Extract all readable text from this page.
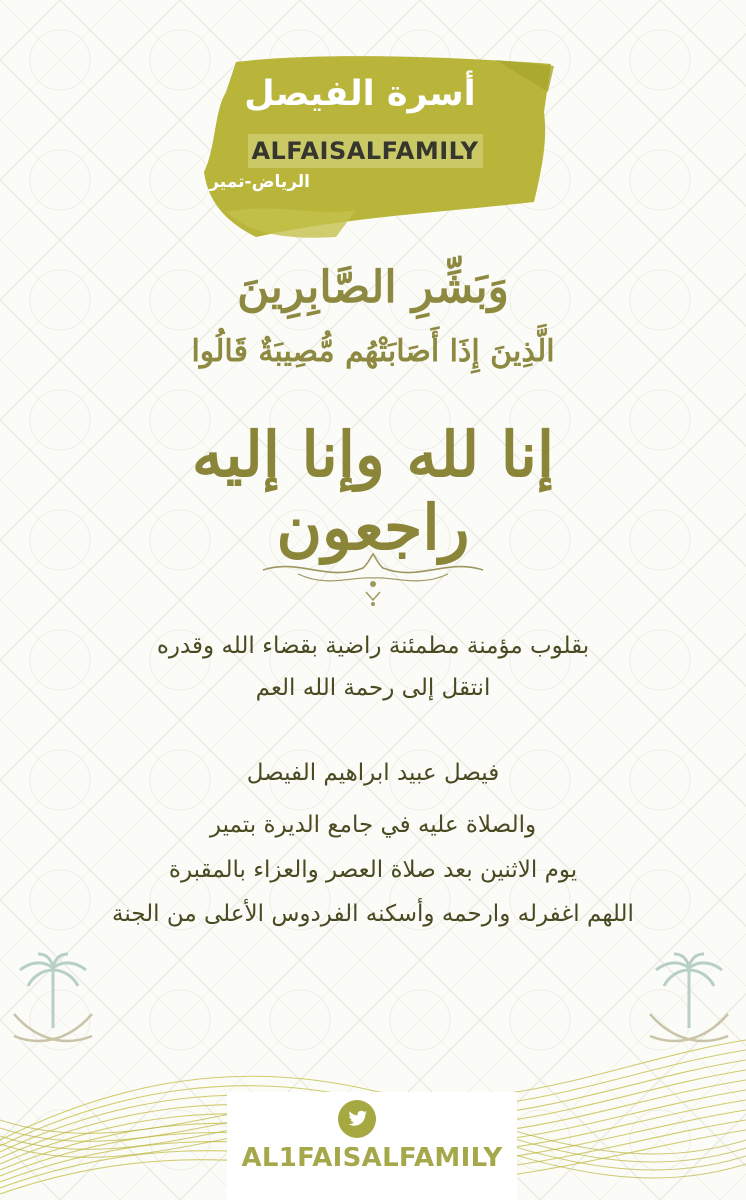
أسرة الفيصل
ALFAISALFAMILY
الرياض-تمير
وَبَشِّرِ الصَّابِرِينَ
الَّذِينَ إِذَا أَصَابَتْهُم مُّصِيبَةٌ قَالُوا
إنا لله وإنا إليه راجعون
بقلوب مؤمنة مطمئنة راضية بقضاء الله وقدره
انتقل إلى رحمة الله العم
فيصل عبيد ابراهيم الفيصل
والصلاة عليه في جامع الديرة بتمير
يوم الاثنين بعد صلاة العصر والعزاء بالمقبرة
اللهم اغفرله وارحمه وأسكنه الفردوس الأعلى من الجنة
AL1FAISALFAMILY
